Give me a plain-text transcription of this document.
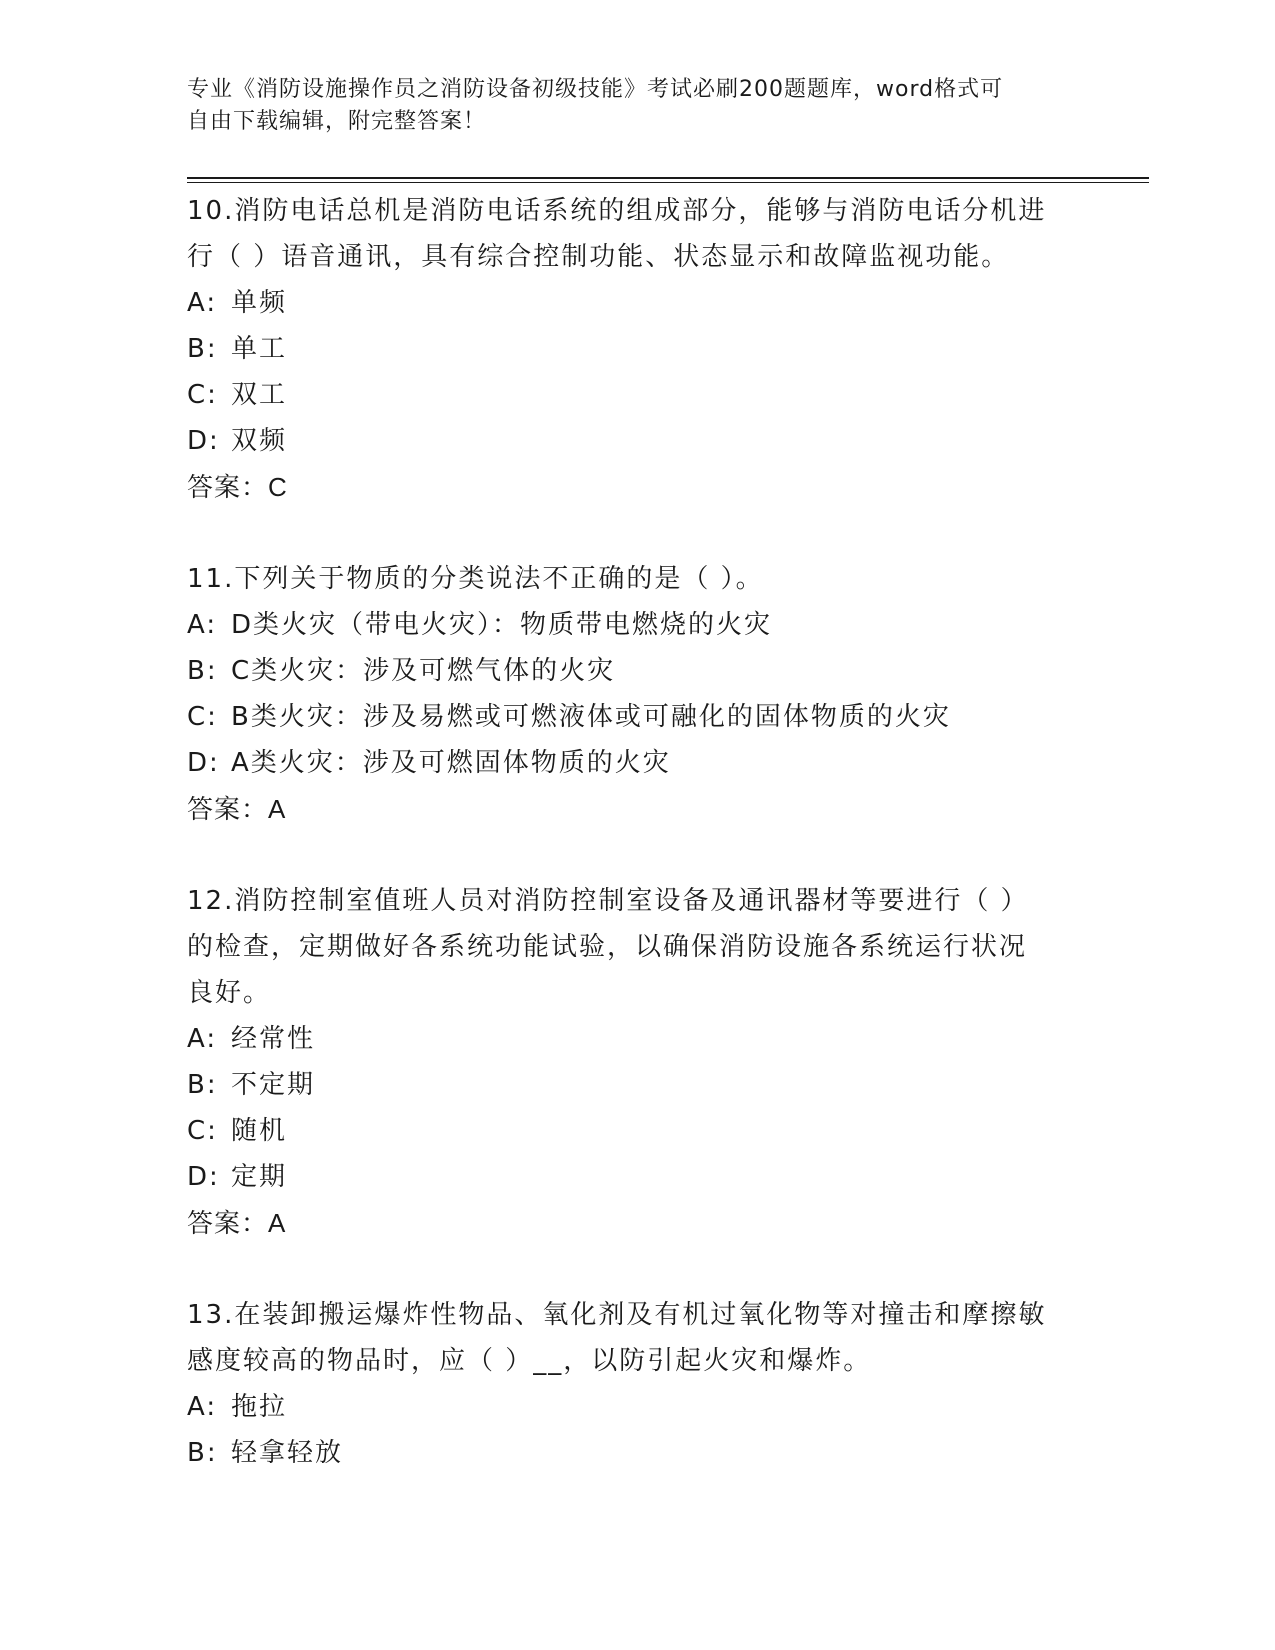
专业《消防设施操作员之消防设备初级技能》考试必刷200题题库，word格式可
自由下载编辑，附完整答案！
10.消防电话总机是消防电话系统的组成部分，能够与消防电话分机进
行（ ）语音通讯，具有综合控制功能、状态显示和故障监视功能。
A: 单频
B: 单工
C: 双工
D: 双频
答案：C
11.下列关于物质的分类说法不正确的是（ ）。
A: D类火灾（带电火灾）：物质带电燃烧的火灾
B: C类火灾：涉及可燃气体的火灾
C: B类火灾：涉及易燃或可燃液体或可融化的固体物质的火灾
D: A类火灾：涉及可燃固体物质的火灾
答案：A
12.消防控制室值班人员对消防控制室设备及通讯器材等要进行（ ）
的检查，定期做好各系统功能试验，以确保消防设施各系统运行状况
良好。
A: 经常性
B: 不定期
C: 随机
D: 定期
答案：A
13.在装卸搬运爆炸性物品、氧化剂及有机过氧化物等对撞击和摩擦敏
感度较高的物品时，应（ ）__，以防引起火灾和爆炸。
A: 拖拉
B: 轻拿轻放
